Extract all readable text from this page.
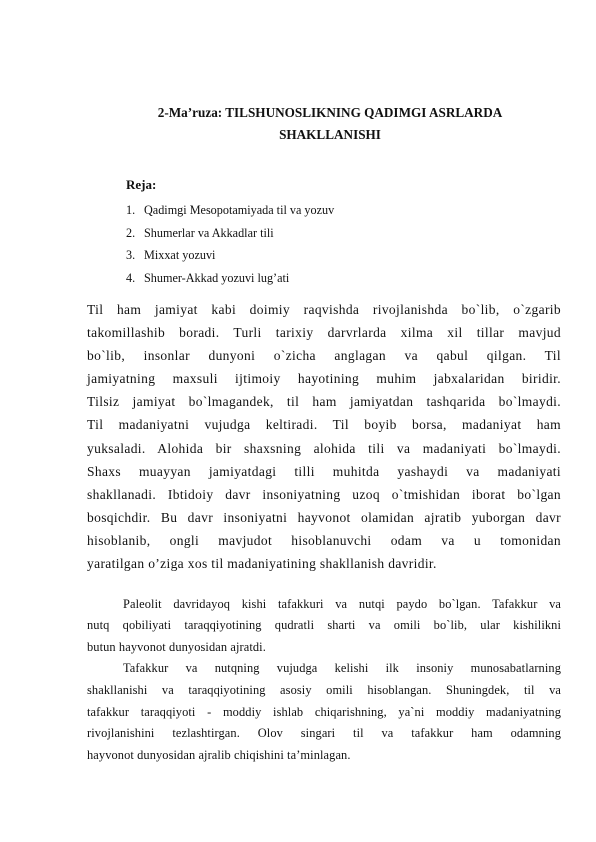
2-Ma’ruza: TILSHUNOSLIKNING QADIMGI ASRLARDA
SHAKLLANISHI
Reja:
1. Qadimgi Mesopotamiyada til va yozuv
2. Shumerlar va Akkadlar tili
3. Mixxat yozuvi
4. Shumer-Akkad yozuvi lug’ati
Til ham jamiyat kabi doimiy raqvishda rivojlanishda bo`lib, o`zgarib
takomillashib boradi. Turli tarixiy darvrlarda xilma xil tillar mavjud
bo`lib, insonlar dunyoni o`zicha anglagan va qabul qilgan. Til
jamiyatning maxsuli ijtimoiy hayotining muhim jabxalaridan biridir.
Tilsiz jamiyat bo`lmagandek, til ham jamiyatdan tashqarida bo`lmaydi.
Til madaniyatni vujudga keltiradi. Til boyib borsa, madaniyat ham
yuksaladi. Alohida bir shaxsning alohida tili va madaniyati bo`lmaydi.
Shaxs muayyan jamiyatdagi tilli muhitda yashaydi va madaniyati
shakllanadi. Ibtidoiy davr insoniyatning uzoq o`tmishidan iborat bo`lgan
bosqichdir. Bu davr insoniyatni hayvonot olamidan ajratib yuborgan davr
hisoblanib, ongli mavjudot hisoblanuvchi odam va u tomonidan
yaratilgan o’ziga xos til madaniyatining shakllanish davridir.
Paleolit davridayoq kishi tafakkuri va nutqi paydo bo`lgan. Tafakkur va
nutq qobiliyati taraqqiyotining qudratli sharti va omili bo`lib, ular kishilikni
butun hayvonot dunyosidan ajratdi.
Tafakkur va nutqning vujudga kelishi ilk insoniy munosabatlarning
shakllanishi va taraqqiyotining asosiy omili hisoblangan. Shuningdek, til va
tafakkur taraqqiyoti - moddiy ishlab chiqarishning, ya`ni moddiy madaniyatning
rivojlanishini tezlashtirgan. Olov singari til va tafakkur ham odamning
hayvonot dunyosidan ajralib chiqishini ta’minlagan.
